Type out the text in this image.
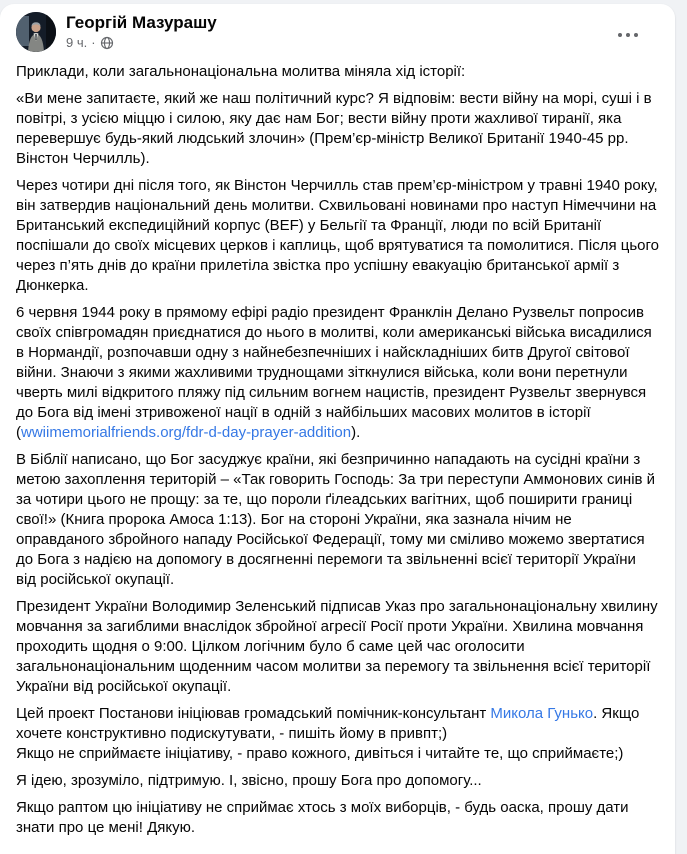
Георгій Мазурашу
9 ч. ·

Приклади, коли загальнонаціональна молитва міняла хід історії:

«Ви мене запитаєте, який же наш політичний курс? Я відповім: вести війну на морі, суші і в повітрі, з усією міццю і силою, яку дає нам Бог; вести війну проти жахливої тиранії, яка перевершує будь-який людський злочин» (Прем’єр-міністр Великої Британії 1940-45 рр. Вінстон Черчилль).

Через чотири дні після того, як Вінстон Черчилль став прем’єр-міністром у травні 1940 року, він затвердив національний день молитви. Схвильовані новинами про наступ Німеччини на Британський експедиційний корпус (BEF) у Бельгії та Франції, люди по всій Британії поспішали до своїх місцевих церков і каплиць, щоб врятуватися та помолитися. Після цього через п’ять днів до країни прилетіла звістка про успішну евакуацію британської армії з Дюнкерка.

6 червня 1944 року в прямому ефірі радіо президент Франклін Делано Рузвельт попросив своїх співгромадян приєднатися до нього в молитві, коли американські війська висадилися в Нормандії, розпочавши одну з найнебезпечніших і найскладніших битв Другої світової війни. Знаючи з якими жахливими труднощами зіткнулися війська, коли вони перетнули чверть милі відкритого пляжу під сильним вогнем нацистів, президент Рузвельт звернувся до Бога від імені зтривоженої нації в одній з найбільших масових молитов в історії (wwiimemorialfriends.org/fdr-d-day-prayer-addition).

В Біблії написано, що Бог засуджує країни, які безпричинно нападають на сусідні країни з метою захоплення територій – «Так говорить Господь: За три переступи Аммонових синів й за чотири цього не прощу: за те, що пороли ґілеадських вагітних, щоб поширити границі свої!» (Книга пророка Амоса 1:13). Бог на стороні України, яка зазнала нічим не оправданого збройного нападу Російської Федерації, тому ми сміливо можемо звертатися до Бога з надією на допомогу в досягненні перемоги та звільненні всієї території України від російської окупації.

Президент України Володимир Зеленський підписав Указ про загальнонаціональну хвилину мовчання за загиблими внаслідок збройної агресії Росії проти України. Хвилина мовчання проходить щодня о 9:00. Цілком логічним було б саме цей час оголосити загальнонаціональним щоденним часом молитви за перемогу та звільнення всієї території України від російської окупації.

Цей проект Постанови ініціював громадський помічник-консультант Микола Гунько. Якщо хочете конструктивно подискутувати, - пишіть йому в привпт;)
Якщо не сприймаєте ініціативу, - право кожного, дивіться і читайте те, що сприймаєте;)

Я ідею, зрозуміло, підтримую. І, звісно, прошу Бога про допомогу...

Якщо раптом цю ініціативу не сприймає хтось з моїх виборців, - будь оаска, прошу дати знати про це мені! Дякую.
